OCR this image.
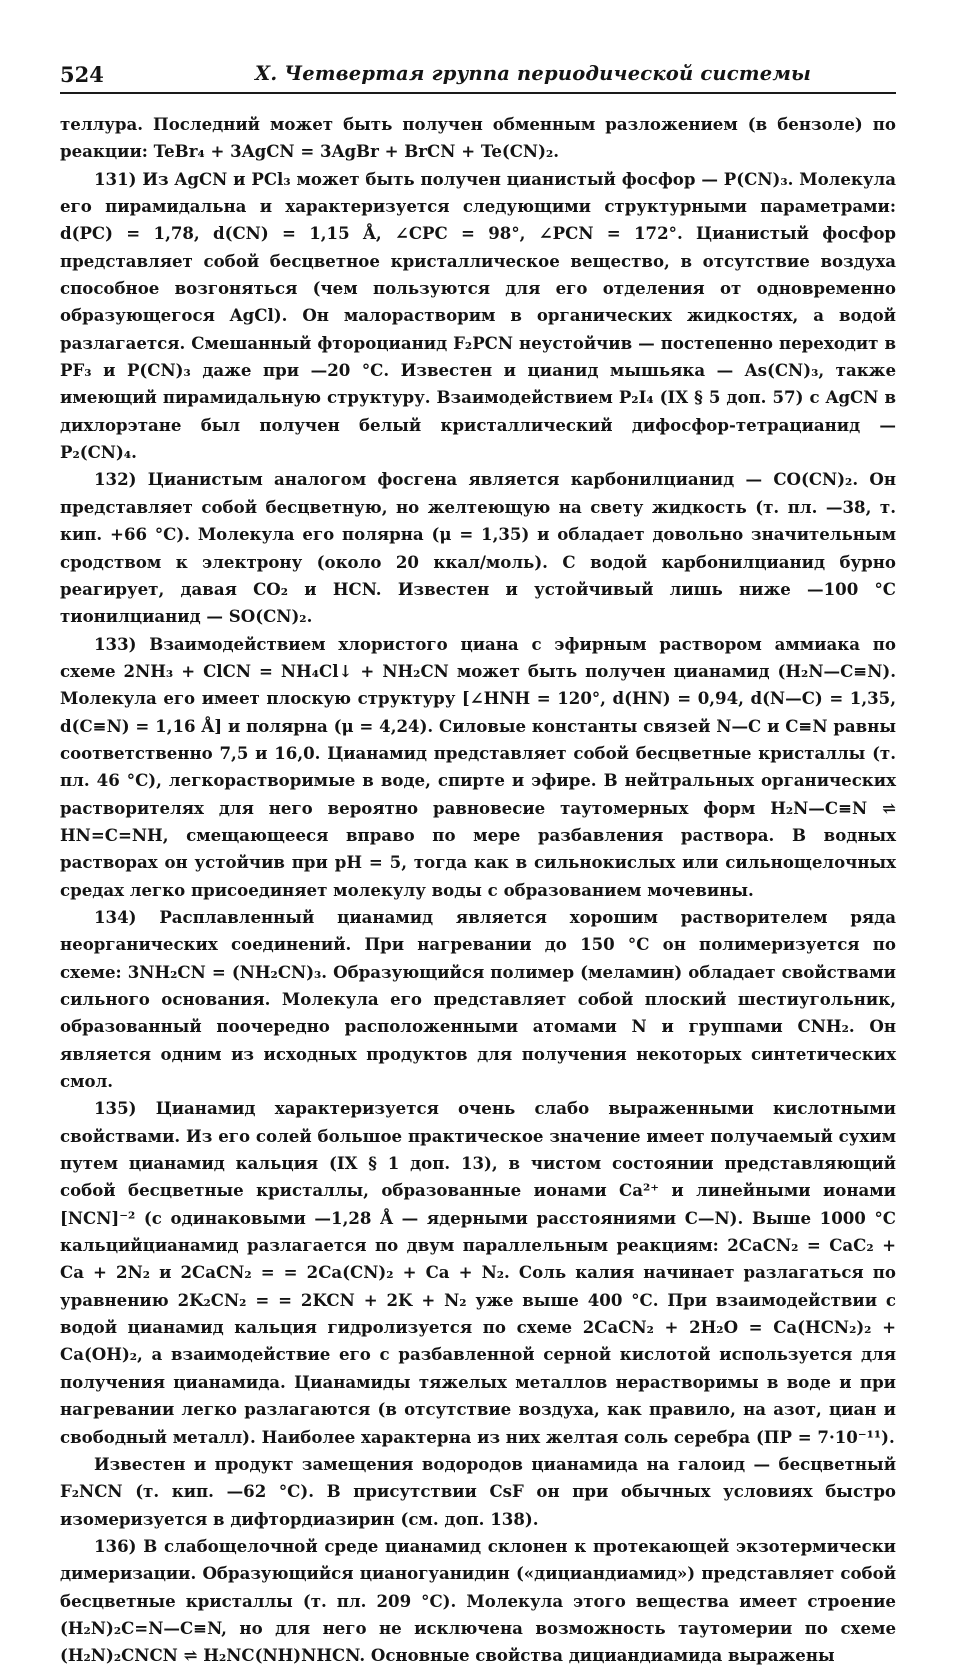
524	X. Четвертая группа периодической системы

теллура. Последний может быть получен обменным разложением (в бензоле) по реакции: TeBr₄ + 3AgCN = 3AgBr + BrCN + Te(CN)₂.

131) Из AgCN и PCl₃ может быть получен цианистый фосфор — P(CN)₃. Молекула его пирамидальна и характеризуется следующими структурными параметрами: d(PC) = 1,78, d(CN) = 1,15 Å, ∠CPC = 98°, ∠PCN = 172°. Цианистый фосфор представляет собой бесцветное кристаллическое вещество, в отсутствие воздуха способное возгоняться (чем пользуются для его отделения от одновременно образующегося AgCl). Он малорастворим в органических жидкостях, а водой разлагается. Смешанный фтороцианид F₂PCN неустойчив — постепенно переходит в PF₃ и P(CN)₃ даже при —20 °С. Известен и цианид мышьяка — As(CN)₃, также имеющий пирамидальную структуру. Взаимодействием P₂I₄ (IX § 5 доп. 57) с AgCN в дихлорэтане был получен белый кристаллический дифосфор-тетрацианид — P₂(CN)₄.

132) Цианистым аналогом фосгена является карбонилцианид — CO(CN)₂. Он представляет собой бесцветную, но желтеющую на свету жидкость (т. пл. —38, т. кип. +66 °С). Молекула его полярна (μ = 1,35) и обладает довольно значительным сродством к электрону (около 20 ккал/моль). С водой карбонилцианид бурно реагирует, давая CO₂ и HCN. Известен и устойчивый лишь ниже —100 °С тионилцианид — SO(CN)₂.

133) Взаимодействием хлористого циана с эфирным раствором аммиака по схеме 2NH₃ + ClCN = NH₄Cl↓ + NH₂CN может быть получен цианамид (H₂N—C≡N). Молекула его имеет плоскую структуру [∠HNH = 120°, d(HN) = 0,94, d(N—C) = 1,35, d(C≡N) = 1,16 Å] и полярна (μ = 4,24). Силовые константы связей N—C и C≡N равны соответственно 7,5 и 16,0. Цианамид представляет собой бесцветные кристаллы (т. пл. 46 °С), легкорастворимые в воде, спирте и эфире. В нейтральных органических растворителях для него вероятно равновесие таутомерных форм H₂N—C≡N ⇌ HN=C=NH, смещающееся вправо по мере разбавления раствора. В водных растворах он устойчив при pH = 5, тогда как в сильнокислых или сильнощелочных средах легко присоединяет молекулу воды с образованием мочевины.

134) Расплавленный цианамид является хорошим растворителем ряда неорганических соединений. При нагревании до 150 °С он полимеризуется по схеме: 3NH₂CN = (NH₂CN)₃. Образующийся полимер (меламин) обладает свойствами сильного основания. Молекула его представляет собой плоский шестиугольник, образованный поочередно расположенными атомами N и группами CNH₂. Он является одним из исходных продуктов для получения некоторых синтетических смол.

135) Цианамид характеризуется очень слабо выраженными кислотными свойствами. Из его солей большое практическое значение имеет получаемый сухим путем цианамид кальция (IX § 1 доп. 13), в чистом состоянии представляющий собой бесцветные кристаллы, образованные ионами Ca²⁺ и линейными ионами [NCN]⁻² (с одинаковыми —1,28 Å — ядерными расстояниями C—N). Выше 1000 °С кальцийцианамид разлагается по двум параллельным реакциям: 2CaCN₂ = CaC₂ + Ca + 2N₂ и 2CaCN₂ = = 2Ca(CN)₂ + Ca + N₂. Соль калия начинает разлагаться по уравнению 2K₂CN₂ = = 2KCN + 2K + N₂ уже выше 400 °С. При взаимодействии с водой цианамид кальция гидролизуется по схеме 2CaCN₂ + 2H₂O = Ca(HCN₂)₂ + Ca(OH)₂, а взаимодействие его с разбавленной серной кислотой используется для получения цианамида. Цианамиды тяжелых металлов нерастворимы в воде и при нагревании легко разлагаются (в отсутствие воздуха, как правило, на азот, циан и свободный металл). Наиболее характерна из них желтая соль серебра (ПР = 7·10⁻¹¹).

Известен и продукт замещения водородов цианамида на галоид — бесцветный F₂NCN (т. кип. —62 °С). В присутствии CsF он при обычных условиях быстро изомеризуется в дифтордиазирин (см. доп. 138).

136) В слабощелочной среде цианамид склонен к протекающей экзотермически димеризации. Образующийся цианогуанидин («дициандиамид») представляет собой бесцветные кристаллы (т. пл. 209 °С). Молекула этого вещества имеет строение (H₂N)₂C=N—C≡N, но для него не исключена возможность таутомерии по схеме (H₂N)₂CNCN ⇌ H₂NC(NH)NHCN. Основные свойства дициандиамида выражены
